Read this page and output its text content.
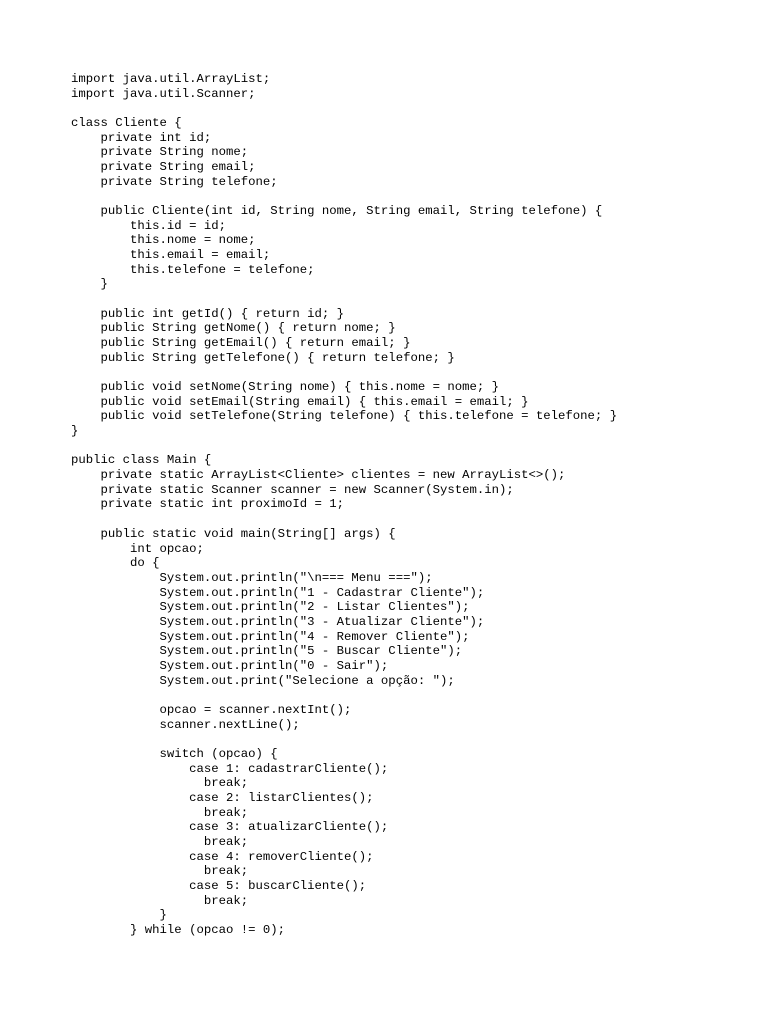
import java.util.ArrayList;
import java.util.Scanner;
class Cliente {
private int id;
private String nome;
private String email;
private String telefone;
public Cliente(int id, String nome, String email, String telefone) {
this.id = id;
this.nome = nome;
this.email = email;
this.telefone = telefone;
}
public int getId() { return id; }
public String getNome() { return nome; }
public String getEmail() { return email; }
public String getTelefone() { return telefone; }
public void setNome(String nome) { this.nome = nome; }
public void setEmail(String email) { this.email = email; }
public void setTelefone(String telefone) { this.telefone = telefone; }
}
public class Main {
private static ArrayList<Cliente> clientes = new ArrayList<>();
private static Scanner scanner = new Scanner(System.in);
private static int proximoId = 1;
public static void main(String[] args) {
int opcao;
do {
System.out.println("\n=== Menu ===");
System.out.println("1 - Cadastrar Cliente");
System.out.println("2 - Listar Clientes");
System.out.println("3 - Atualizar Cliente");
System.out.println("4 - Remover Cliente");
System.out.println("5 - Buscar Cliente");
System.out.println("0 - Sair");
System.out.print("Selecione a opção: ");
opcao = scanner.nextInt();
scanner.nextLine();
switch (opcao) {
case 1: cadastrarCliente();
break;
case 2: listarClientes();
break;
case 3: atualizarCliente();
break;
case 4: removerCliente();
break;
case 5: buscarCliente();
break;
}
} while (opcao != 0);
